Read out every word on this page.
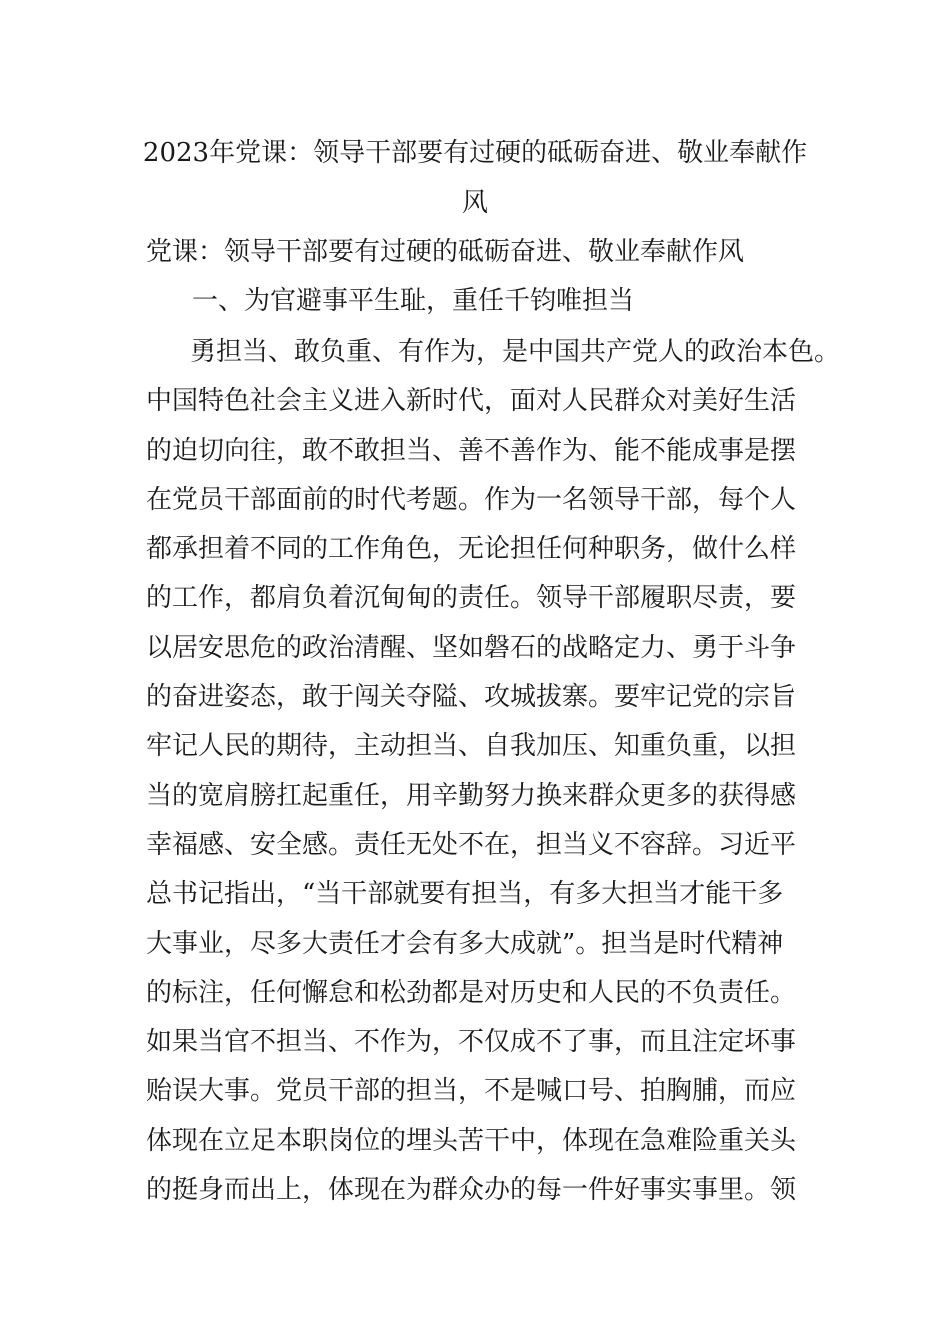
2023年党课：领导干部要有过硬的砥砺奋进、敬业奉献作
风

党课：领导干部要有过硬的砥砺奋进、敬业奉献作风

一、为官避事平生耻，重任千钧唯担当

勇担当、敢负重、有作为，是中国共产党人的政治本色。
中国特色社会主义进入新时代，面对人民群众对美好生活
的迫切向往，敢不敢担当、善不善作为、能不能成事是摆
在党员干部面前的时代考题。作为一名领导干部，每个人
都承担着不同的工作角色，无论担任何种职务，做什么样
的工作，都肩负着沉甸甸的责任。领导干部履职尽责，要
以居安思危的政治清醒、坚如磐石的战略定力、勇于斗争
的奋进姿态，敢于闯关夺隘、攻城拔寨。要牢记党的宗旨
牢记人民的期待，主动担当、自我加压、知重负重，以担
当的宽肩膀扛起重任，用辛勤努力换来群众更多的获得感
幸福感、安全感。责任无处不在，担当义不容辞。习近平
总书记指出，“当干部就要有担当，有多大担当才能干多
大事业，尽多大责任才会有多大成就”。担当是时代精神
的标注，任何懈怠和松劲都是对历史和人民的不负责任。
如果当官不担当、不作为，不仅成不了事，而且注定坏事
贻误大事。党员干部的担当，不是喊口号、拍胸脯，而应
体现在立足本职岗位的埋头苦干中，体现在急难险重关头
的挺身而出上，体现在为群众办的每一件好事实事里。领
